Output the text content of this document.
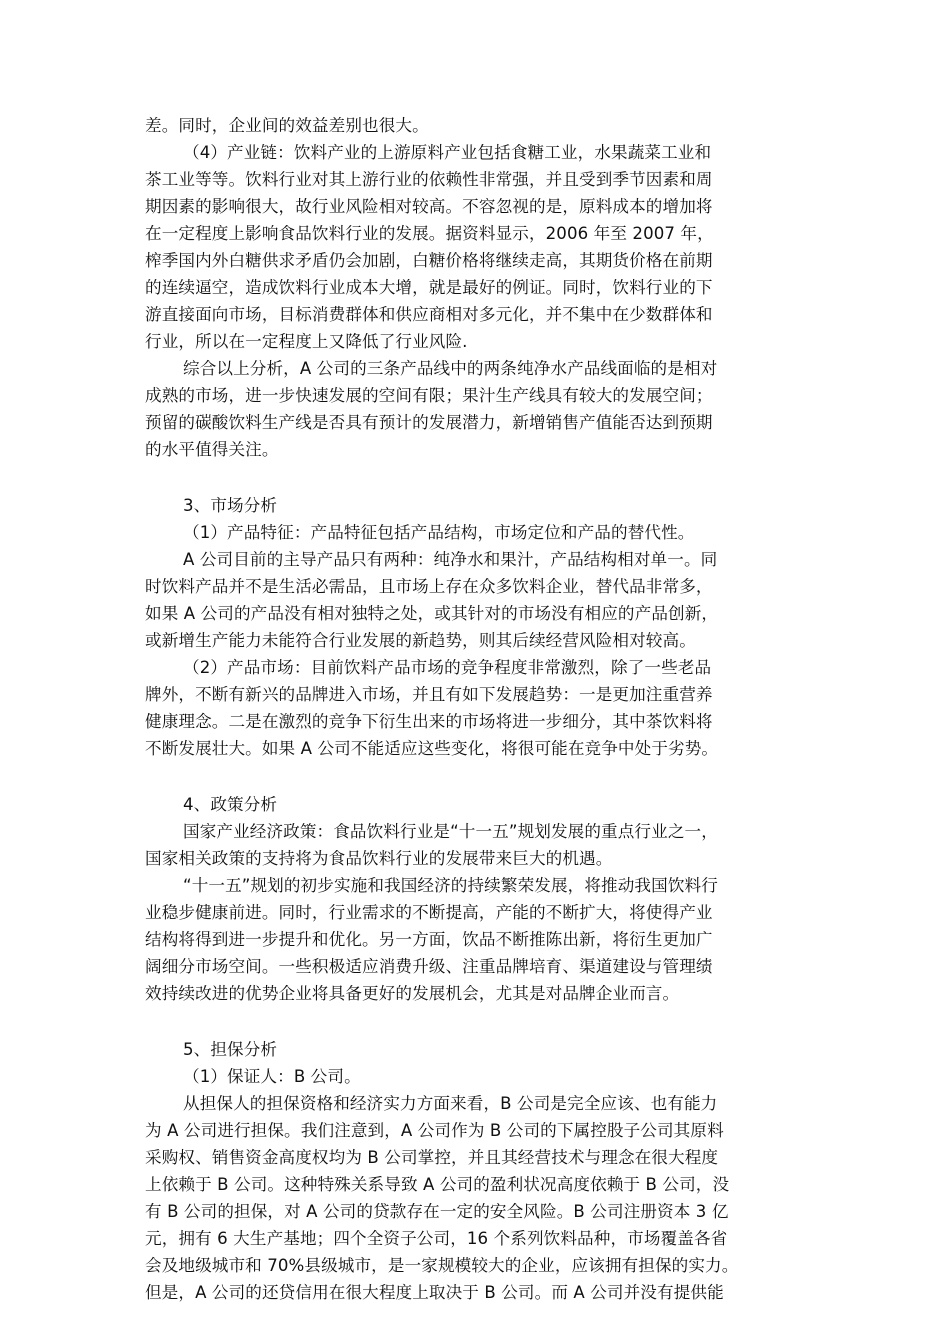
差。同时，企业间的效益差别也很大。
（4）产业链：饮料产业的上游原料产业包括食糖工业，水果蔬菜工业和
茶工业等等。饮料行业对其上游行业的依赖性非常强，并且受到季节因素和周
期因素的影响很大，故行业风险相对较高。不容忽视的是，原料成本的增加将
在一定程度上影响食品饮料行业的发展。据资料显示，2006 年至 2007 年，
榨季国内外白糖供求矛盾仍会加剧，白糖价格将继续走高，其期货价格在前期
的连续逼空，造成饮料行业成本大增，就是最好的例证。同时，饮料行业的下
游直接面向市场，目标消费群体和供应商相对多元化，并不集中在少数群体和
行业，所以在一定程度上又降低了行业风险.
综合以上分析，A 公司的三条产品线中的两条纯净水产品线面临的是相对
成熟的市场，进一步快速发展的空间有限；果汁生产线具有较大的发展空间；
预留的碳酸饮料生产线是否具有预计的发展潜力，新增销售产值能否达到预期
的水平值得关注。
3、市场分析
（1）产品特征：产品特征包括产品结构，市场定位和产品的替代性。
A 公司目前的主导产品只有两种：纯净水和果汁，产品结构相对单一。同
时饮料产品并不是生活必需品，且市场上存在众多饮料企业，替代品非常多，
如果 A 公司的产品没有相对独特之处，或其针对的市场没有相应的产品创新，
或新增生产能力未能符合行业发展的新趋势，则其后续经营风险相对较高。
（2）产品市场：目前饮料产品市场的竞争程度非常激烈，除了一些老品
牌外，不断有新兴的品牌进入市场，并且有如下发展趋势：一是更加注重营养
健康理念。二是在激烈的竞争下衍生出来的市场将进一步细分，其中茶饮料将
不断发展壮大。如果 A 公司不能适应这些变化，将很可能在竞争中处于劣势。
4、政策分析
国家产业经济政策：食品饮料行业是“十一五”规划发展的重点行业之一，
国家相关政策的支持将为食品饮料行业的发展带来巨大的机遇。
“十一五”规划的初步实施和我国经济的持续繁荣发展，将推动我国饮料行
业稳步健康前进。同时，行业需求的不断提高，产能的不断扩大，将使得产业
结构将得到进一步提升和优化。另一方面，饮品不断推陈出新，将衍生更加广
阔细分市场空间。一些积极适应消费升级、注重品牌培育、渠道建设与管理绩
效持续改进的优势企业将具备更好的发展机会，尤其是对品牌企业而言。
5、担保分析
（1）保证人：B 公司。
从担保人的担保资格和经济实力方面来看，B 公司是完全应该、也有能力
为 A 公司进行担保。我们注意到，A 公司作为 B 公司的下属控股子公司其原料
采购权、销售资金高度权均为 B 公司掌控，并且其经营技术与理念在很大程度
上依赖于 B 公司。这种特殊关系导致 A 公司的盈利状况高度依赖于 B 公司，没
有 B 公司的担保，对 A 公司的贷款存在一定的安全风险。B 公司注册资本 3 亿
元，拥有 6 大生产基地；四个全资子公司，16 个系列饮料品种，市场覆盖各省
会及地级城市和 70%县级城市，是一家规模较大的企业，应该拥有担保的实力。
但是，A 公司的还贷信用在很大程度上取决于 B 公司。而 A 公司并没有提供能
